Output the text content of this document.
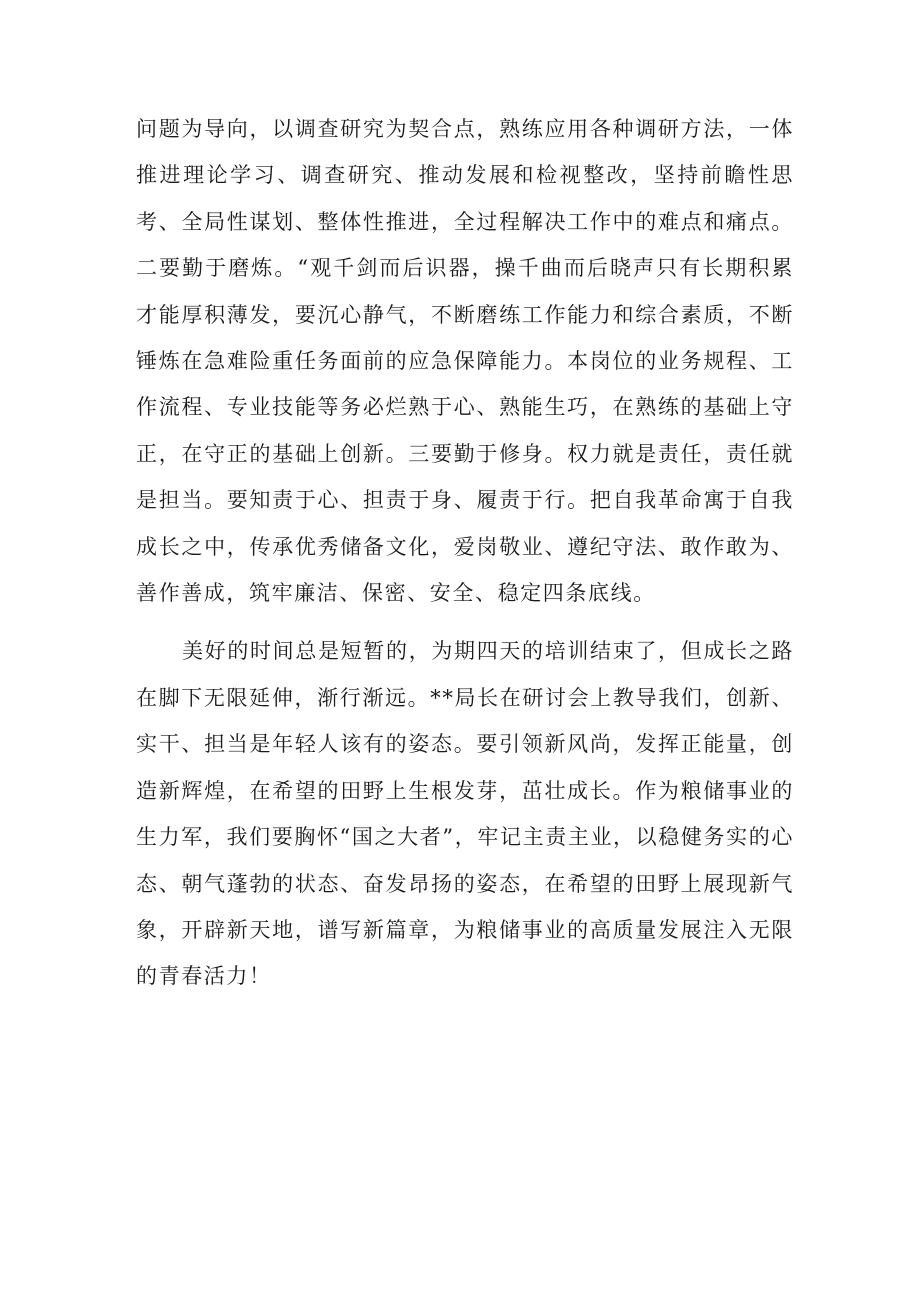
问题为导向，以调查研究为契合点，熟练应用各种调研方法，一体推进理论学习、调查研究、推动发展和检视整改，坚持前瞻性思考、全局性谋划、整体性推进，全过程解决工作中的难点和痛点。二要勤于磨炼。“观千剑而后识器，操千曲而后晓声只有长期积累才能厚积薄发，要沉心静气，不断磨练工作能力和综合素质，不断锤炼在急难险重任务面前的应急保障能力。本岗位的业务规程、工作流程、专业技能等务必烂熟于心、熟能生巧，在熟练的基础上守正，在守正的基础上创新。三要勤于修身。权力就是责任，责任就是担当。要知责于心、担责于身、履责于行。把自我革命寓于自我成长之中，传承优秀储备文化，爱岗敬业、遵纪守法、敢作敢为、善作善成，筑牢廉洁、保密、安全、稳定四条底线。

美好的时间总是短暂的，为期四天的培训结束了，但成长之路在脚下无限延伸，渐行渐远。**局长在研讨会上教导我们，创新、实干、担当是年轻人该有的姿态。要引领新风尚，发挥正能量，创造新辉煌，在希望的田野上生根发芽，茁壮成长。作为粮储事业的生力军，我们要胸怀“国之大者”，牢记主责主业，以稳健务实的心态、朝气蓬勃的状态、奋发昂扬的姿态，在希望的田野上展现新气象，开辟新天地，谱写新篇章，为粮储事业的高质量发展注入无限的青春活力！
